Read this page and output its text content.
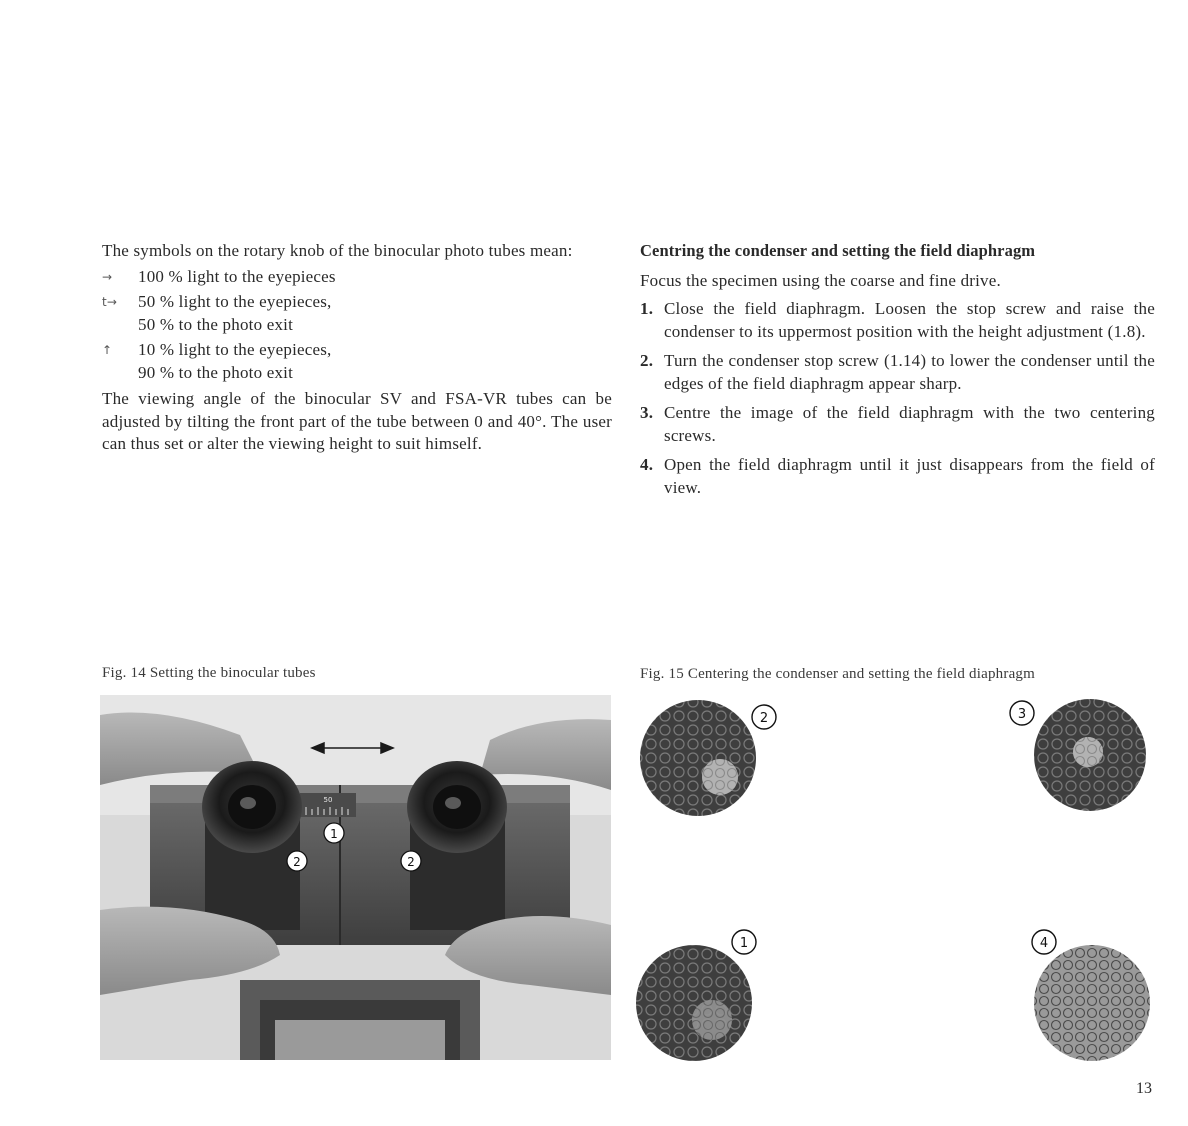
The symbols on the rotary knob of the binocular photo tubes mean:

→	100 % light to the eyepieces
t→	50 % light to the eyepieces,
50 % to the photo exit
↑	10 % light to the eyepieces,
90 % to the photo exit

The viewing angle of the binocular SV and FSA-VR tubes can be adjusted by tilting the front part of the tube between 0 and 40°. The user can thus set or alter the viewing height to suit himself.

Centring the condenser and setting the field diaphragm

Focus the specimen using the coarse and fine drive.

1. Close the field diaphragm. Loosen the stop screw and raise the condenser to its uppermost position with the height adjustment (1.8).
2. Turn the condenser stop screw (1.14) to lower the condenser until the edges of the field diaphragm appear sharp.
3. Centre the image of the field diaphragm with the two centering screws.
4. Open the field diaphragm until it just disappears from the field of view.
Fig. 14 Setting the binocular tubes	Fig. 15 Centering the condenser and setting the field diaphragm
50
1
2	2
2	3
1	4
13
